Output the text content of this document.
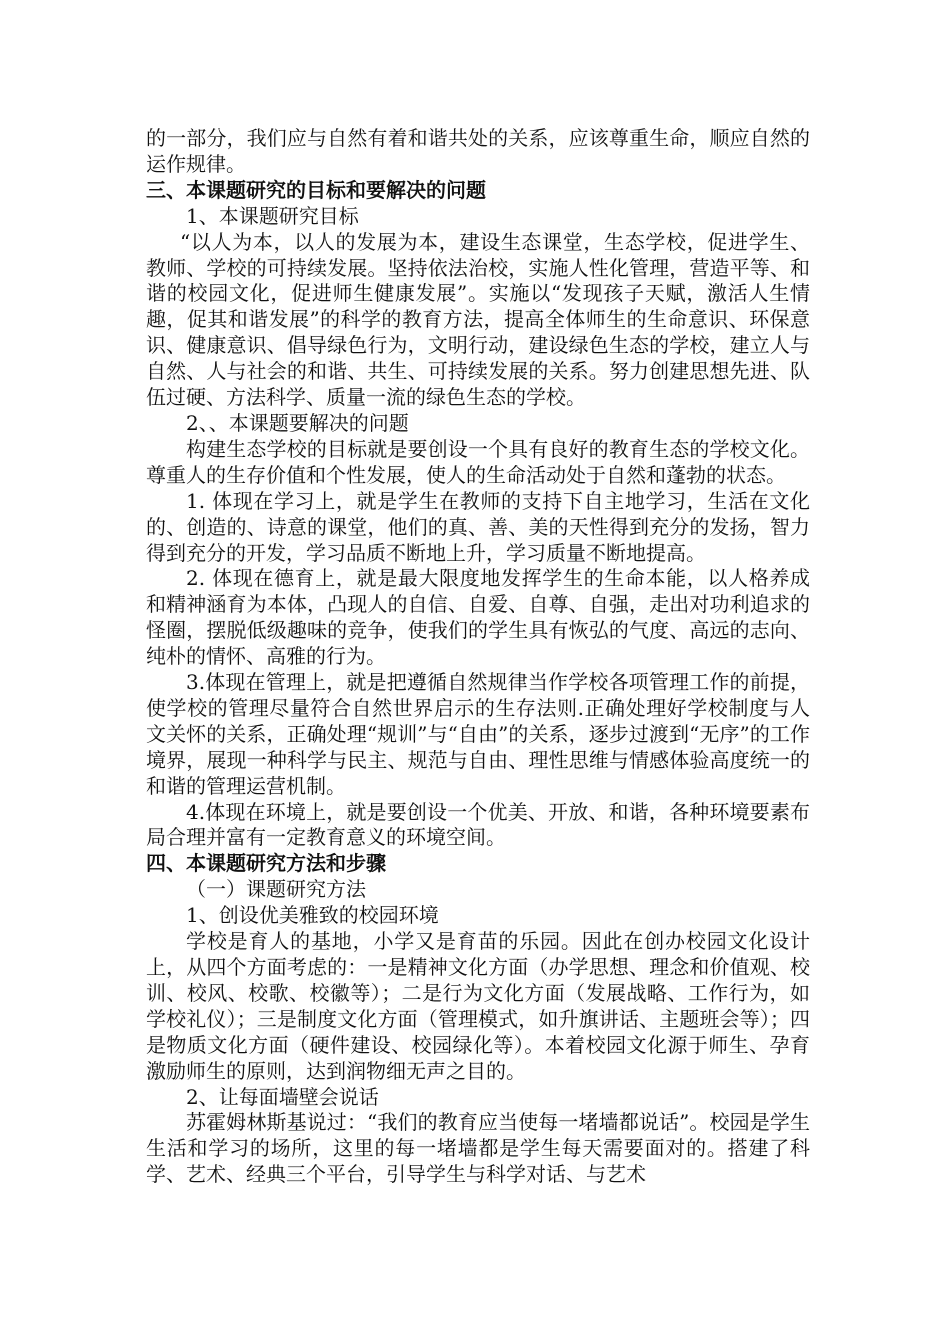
的一部分，我们应与自然有着和谐共处的关系，应该尊重生命，顺应自然的运作规律。

三、本课题研究的目标和要解决的问题

1、本课题研究目标

“以人为本，以人的发展为本，建设生态课堂，生态学校，促进学生、教师、学校的可持续发展。坚持依法治校，实施人性化管理，营造平等、和谐的校园文化，促进师生健康发展”。实施以“发现孩子天赋，激活人生情趣，促其和谐发展”的科学的教育方法，提高全体师生的生命意识、环保意识、健康意识、倡导绿色行为，文明行动，建设绿色生态的学校，建立人与自然、人与社会的和谐、共生、可持续发展的关系。努力创建思想先进、队伍过硬、方法科学、质量一流的绿色生态的学校。

2、、本课题要解决的问题

构建生态学校的目标就是要创设一个具有良好的教育生态的学校文化。尊重人的生存价值和个性发展，使人的生命活动处于自然和蓬勃的状态。

1. 体现在学习上，就是学生在教师的支持下自主地学习，生活在文化的、创造的、诗意的课堂，他们的真、善、美的天性得到充分的发扬，智力得到充分的开发，学习品质不断地上升，学习质量不断地提高。

2. 体现在德育上，就是最大限度地发挥学生的生命本能，以人格养成和精神涵育为本体，凸现人的自信、自爱、自尊、自强，走出对功利追求的怪圈，摆脱低级趣味的竞争，使我们的学生具有恢弘的气度、高远的志向、纯朴的情怀、高雅的行为。

3.体现在管理上，就是把遵循自然规律当作学校各项管理工作的前提，使学校的管理尽量符合自然世界启示的生存法则.正确处理好学校制度与人文关怀的关系，正确处理“规训”与“自由”的关系，逐步过渡到“无序”的工作境界，展现一种科学与民主、规范与自由、理性思维与情感体验高度统一的和谐的管理运营机制。

4.体现在环境上，就是要创设一个优美、开放、和谐，各种环境要素布局合理并富有一定教育意义的环境空间。

四、本课题研究方法和步骤

（一）课题研究方法

1、创设优美雅致的校园环境

学校是育人的基地，小学又是育苗的乐园。因此在创办校园文化设计上，从四个方面考虑的：一是精神文化方面（办学思想、理念和价值观、校训、校风、校歌、校徽等）；二是行为文化方面（发展战略、工作行为，如学校礼仪）；三是制度文化方面（管理模式，如升旗讲话、主题班会等）；四是物质文化方面（硬件建设、校园绿化等）。本着校园文化源于师生、孕育激励师生的原则，达到润物细无声之目的。

2、让每面墙壁会说话

苏霍姆林斯基说过：“我们的教育应当使每一堵墙都说话”。校园是学生生活和学习的场所，这里的每一堵墙都是学生每天需要面对的。搭建了科学、艺术、经典三个平台，引导学生与科学对话、与艺术
